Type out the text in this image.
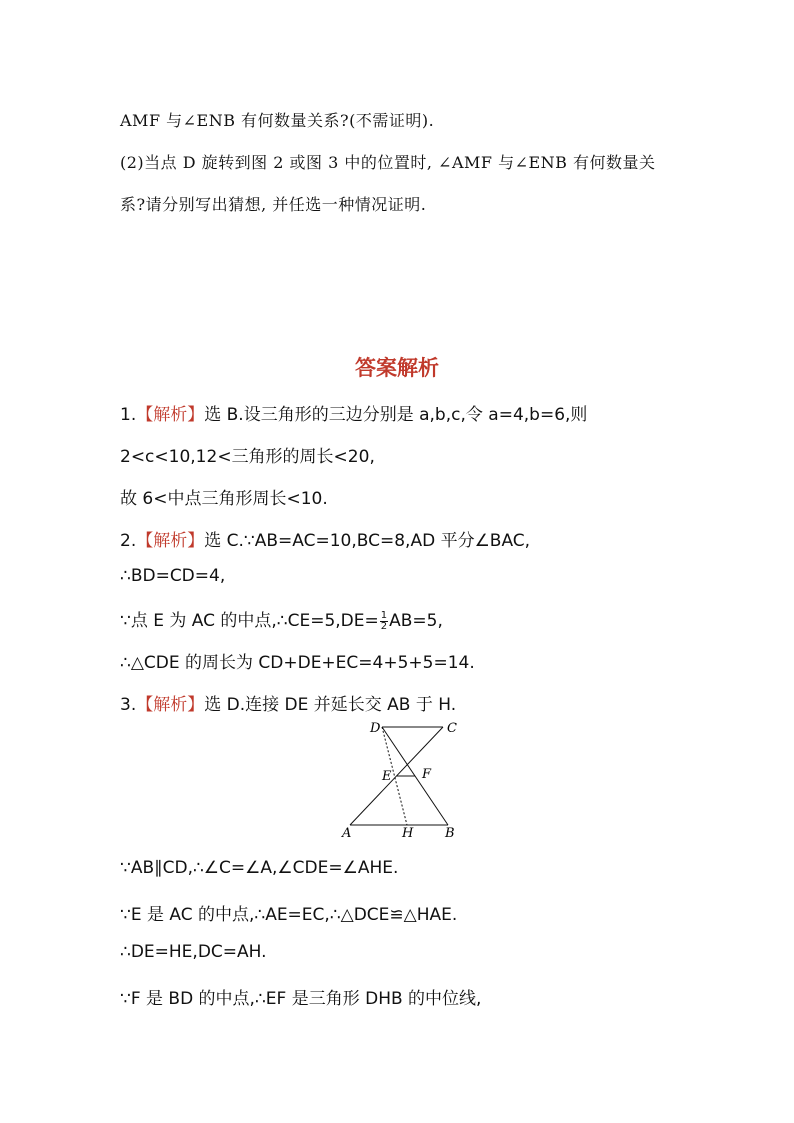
AMF 与∠ENB 有何数量关系?(不需证明).
(2)当点 D 旋转到图 2 或图 3 中的位置时, ∠AMF 与∠ENB 有何数量关
系?请分别写出猜想, 并任选一种情况证明.
答案解析
1.【解析】选 B.设三角形的三边分别是 a,b,c,令 a=4,b=6,则
2<c<10,12<三角形的周长<20,
故 6<中点三角形周长<10.
2.【解析】选 C.∵AB=AC=10,BC=8,AD 平分∠BAC,
∴BD=CD=4,
∵点 E 为 AC 的中点,∴CE=5,DE= $\frac{1}{2} AB=5$,
∴△CDE 的周长为 CD+DE+EC=4+5+5=14.
3.【解析】选 D.连接 DE 并延长交 AB 于 H.
D	C
E F
A	H B
∵AB∥CD,∴∠C=∠A,∠CDE=∠AHE.
∵E 是 AC 的中点,∴AE=EC,∴△DCE≌△HAE.
∴DE=HE,DC=AH.
∵F 是 BD 的中点,∴EF 是三角形 DHB 的中位线,
